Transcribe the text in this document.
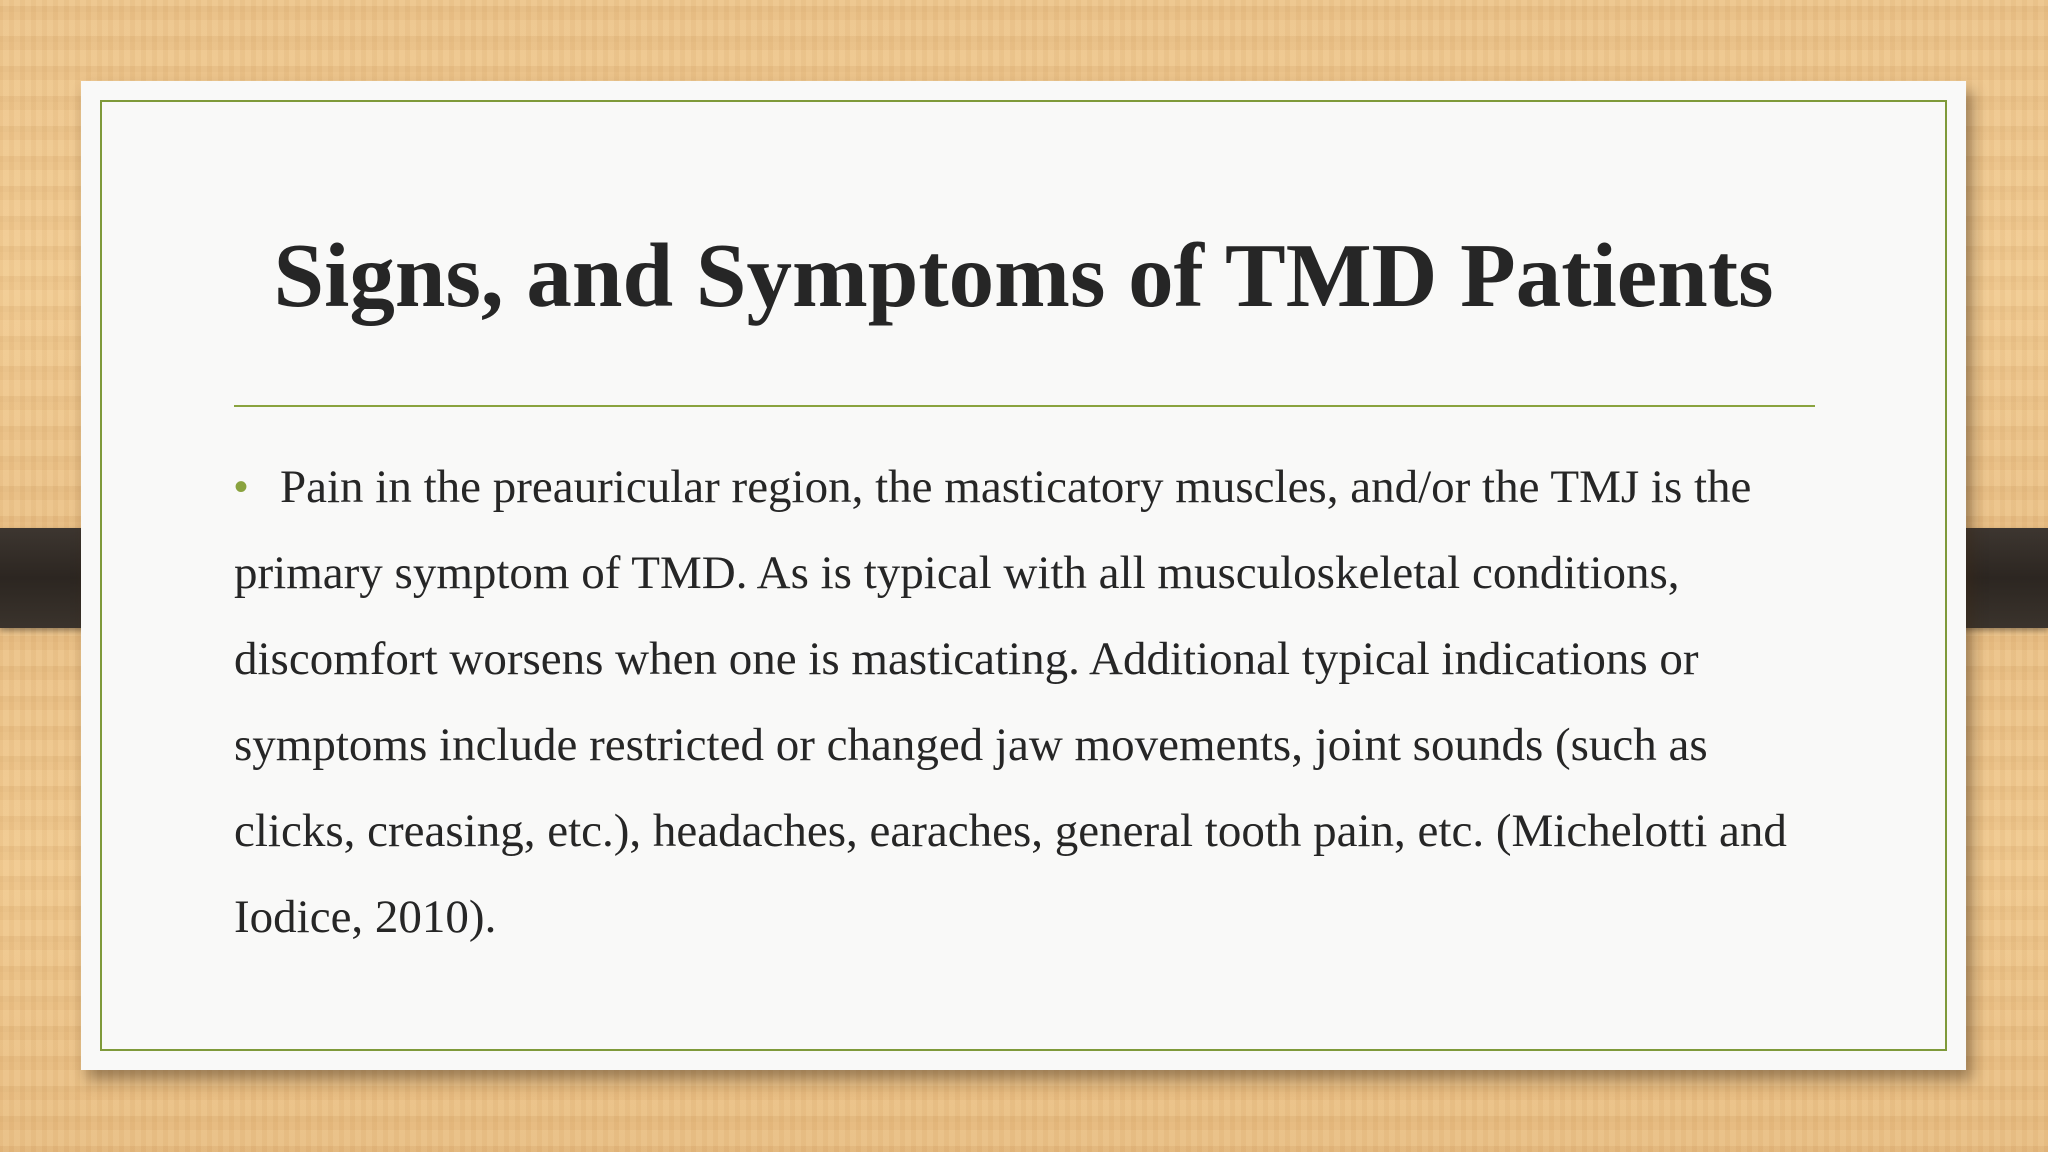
Signs, and Symptoms of TMD Patients

• Pain in the preauricular region, the masticatory muscles, and/or the TMJ is the primary symptom of TMD. As is typical with all musculoskeletal conditions, discomfort worsens when one is masticating. Additional typical indications or symptoms include restricted or changed jaw movements, joint sounds (such as clicks, creasing, etc.), headaches, earaches, general tooth pain, etc. (Michelotti and Iodice, 2010).
